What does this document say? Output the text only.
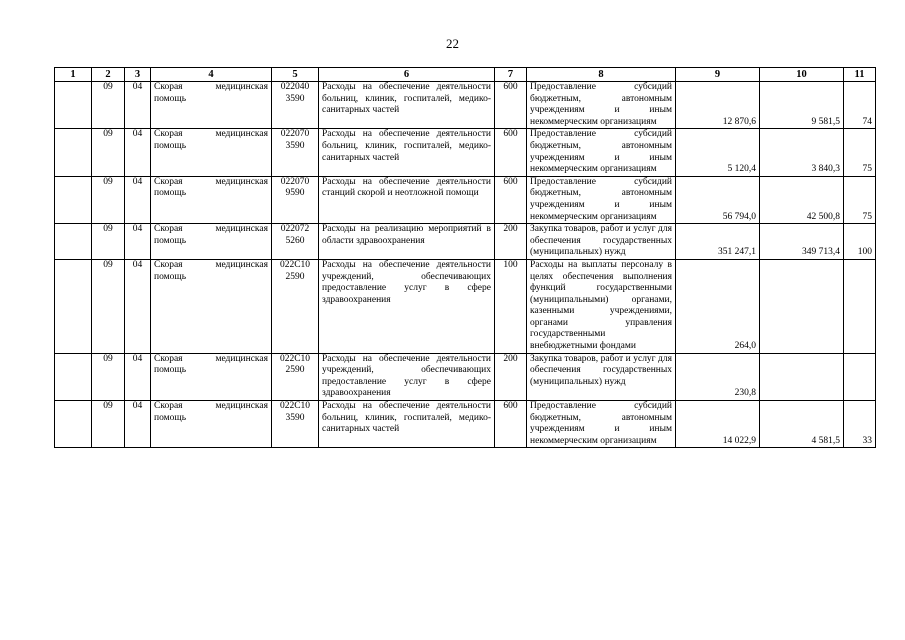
22
1	2	3	4	5	6	7	8	9	10	11
	09	04	Скорая медицинская помощь	022040 3590	Расходы на обеспечение деятельности больниц, клиник, госпиталей, медико-санитарных частей	600	Предоставление субсидий бюджетным, автономным учреждениям и иным некоммерческим организациям	12 870,6	9 581,5	74
	09	04	Скорая медицинская помощь	022070 3590	Расходы на обеспечение деятельности больниц, клиник, госпиталей, медико-санитарных частей	600	Предоставление субсидий бюджетным, автономным учреждениям и иным некоммерческим организациям	5 120,4	3 840,3	75
	09	04	Скорая медицинская помощь	022070 9590	Расходы на обеспечение деятельности станций скорой и неотложной помощи	600	Предоставление субсидий бюджетным, автономным учреждениям и иным некоммерческим организациям	56 794,0	42 500,8	75
	09	04	Скорая медицинская помощь	022072 5260	Расходы на реализацию мероприятий в области здравоохранения	200	Закупка товаров, работ и услуг для обеспечения государственных (муниципальных) нужд	351 247,1	349 713,4	100
	09	04	Скорая медицинская помощь	022C10 2590	Расходы на обеспечение деятельности учреждений, обеспечивающих предоставление услуг в сфере здравоохранения	100	Расходы на выплаты персоналу в целях обеспечения выполнения функций государственными (муниципальными) органами, казенными учреждениями, органами управления государственными внебюджетными фондами	264,0		
	09	04	Скорая медицинская помощь	022C10 2590	Расходы на обеспечение деятельности учреждений, обеспечивающих предоставление услуг в сфере здравоохранения	200	Закупка товаров, работ и услуг для обеспечения государственных (муниципальных) нужд	230,8		
	09	04	Скорая медицинская помощь	022C10 3590	Расходы на обеспечение деятельности больниц, клиник, госпиталей, медико-санитарных частей	600	Предоставление субсидий бюджетным, автономным учреждениям и иным некоммерческим организациям	14 022,9	4 581,5	33
